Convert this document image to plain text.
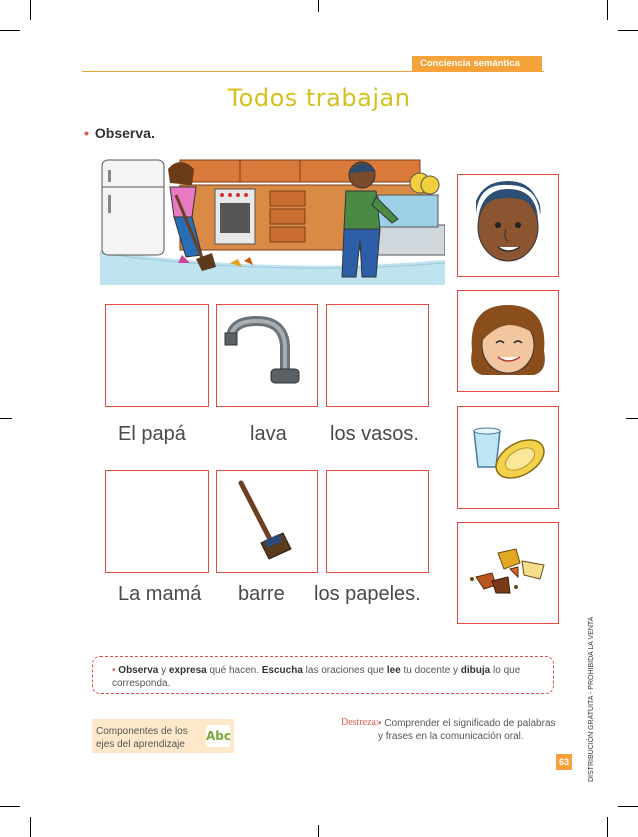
Conciencia semántica
Todos trabajan
• Observa.
El papá	lava los vasos.
La mamá barre los papeles.
• Observa y expresa qué hacen. Escucha las oraciones que lee tu docente y dibuja lo que corresponda.
Componentes de los ejes del aprendizaje
Abc
Destreza: • Comprender el significado de palabras y frases en la comunicación oral.
63	DISTRIBUCIÓN GRATUITA - PROHIBIDA LA VENTA
